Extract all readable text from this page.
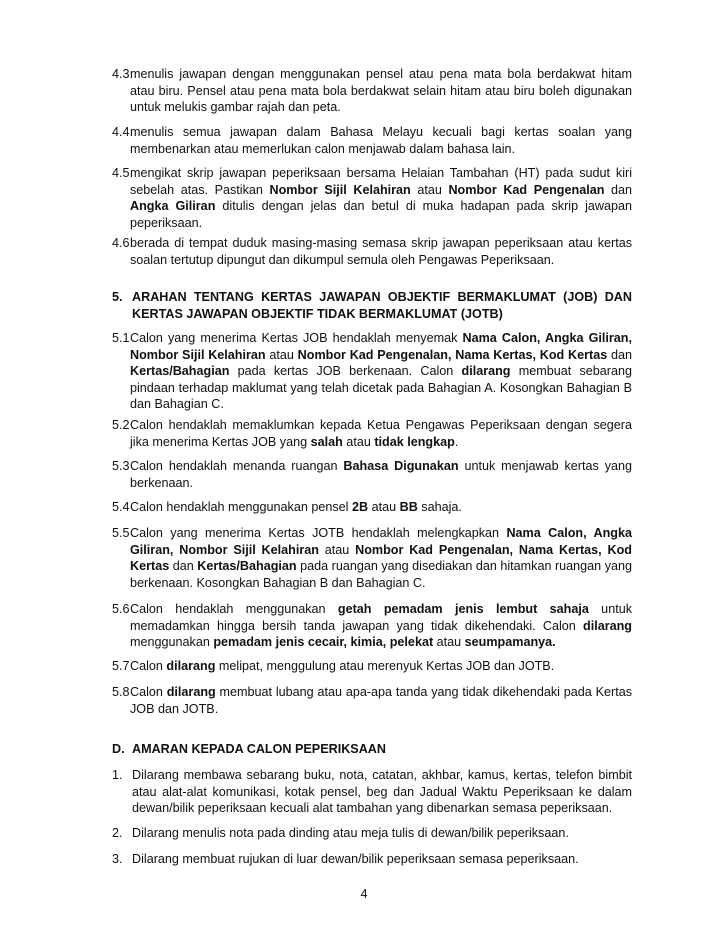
4.3 menulis jawapan dengan menggunakan pensel atau pena mata bola berdakwat hitam atau biru. Pensel atau pena mata bola berdakwat selain hitam atau biru boleh digunakan untuk melukis gambar rajah dan peta.
4.4 menulis semua jawapan dalam Bahasa Melayu kecuali bagi kertas soalan yang membenarkan atau memerlukan calon menjawab dalam bahasa lain.
4.5 mengikat skrip jawapan peperiksaan bersama Helaian Tambahan (HT) pada sudut kiri sebelah atas. Pastikan Nombor Sijil Kelahiran atau Nombor Kad Pengenalan dan Angka Giliran ditulis dengan jelas dan betul di muka hadapan pada skrip jawapan peperiksaan.
4.6 berada di tempat duduk masing-masing semasa skrip jawapan peperiksaan atau kertas soalan tertutup dipungut dan dikumpul semula oleh Pengawas Peperiksaan.
5. ARAHAN TENTANG KERTAS JAWAPAN OBJEKTIF BERMAKLUMAT (JOB) DAN KERTAS JAWAPAN OBJEKTIF TIDAK BERMAKLUMAT (JOTB)
5.1 Calon yang menerima Kertas JOB hendaklah menyemak Nama Calon, Angka Giliran, Nombor Sijil Kelahiran atau Nombor Kad Pengenalan, Nama Kertas, Kod Kertas dan Kertas/Bahagian pada kertas JOB berkenaan. Calon dilarang membuat sebarang pindaan terhadap maklumat yang telah dicetak pada Bahagian A. Kosongkan Bahagian B dan Bahagian C.
5.2 Calon hendaklah memaklumkan kepada Ketua Pengawas Peperiksaan dengan segera jika menerima Kertas JOB yang salah atau tidak lengkap.
5.3 Calon hendaklah menanda ruangan Bahasa Digunakan untuk menjawab kertas yang berkenaan.
5.4 Calon hendaklah menggunakan pensel 2B atau BB sahaja.
5.5 Calon yang menerima Kertas JOTB hendaklah melengkapkan Nama Calon, Angka Giliran, Nombor Sijil Kelahiran atau Nombor Kad Pengenalan, Nama Kertas, Kod Kertas dan Kertas/Bahagian pada ruangan yang disediakan dan hitamkan ruangan yang berkenaan. Kosongkan Bahagian B dan Bahagian C.
5.6 Calon hendaklah menggunakan getah pemadam jenis lembut sahaja untuk memadamkan hingga bersih tanda jawapan yang tidak dikehendaki. Calon dilarang menggunakan pemadam jenis cecair, kimia, pelekat atau seumpamanya.
5.7 Calon dilarang melipat, menggulung atau merenyuk Kertas JOB dan JOTB.
5.8 Calon dilarang membuat lubang atau apa-apa tanda yang tidak dikehendaki pada Kertas JOB dan JOTB.
D. AMARAN KEPADA CALON PEPERIKSAAN
1. Dilarang membawa sebarang buku, nota, catatan, akhbar, kamus, kertas, telefon bimbit atau alat-alat komunikasi, kotak pensel, beg dan Jadual Waktu Peperiksaan ke dalam dewan/bilik peperiksaan kecuali alat tambahan yang dibenarkan semasa peperiksaan.
2. Dilarang menulis nota pada dinding atau meja tulis di dewan/bilik peperiksaan.
3. Dilarang membuat rujukan di luar dewan/bilik peperiksaan semasa peperiksaan.
4
